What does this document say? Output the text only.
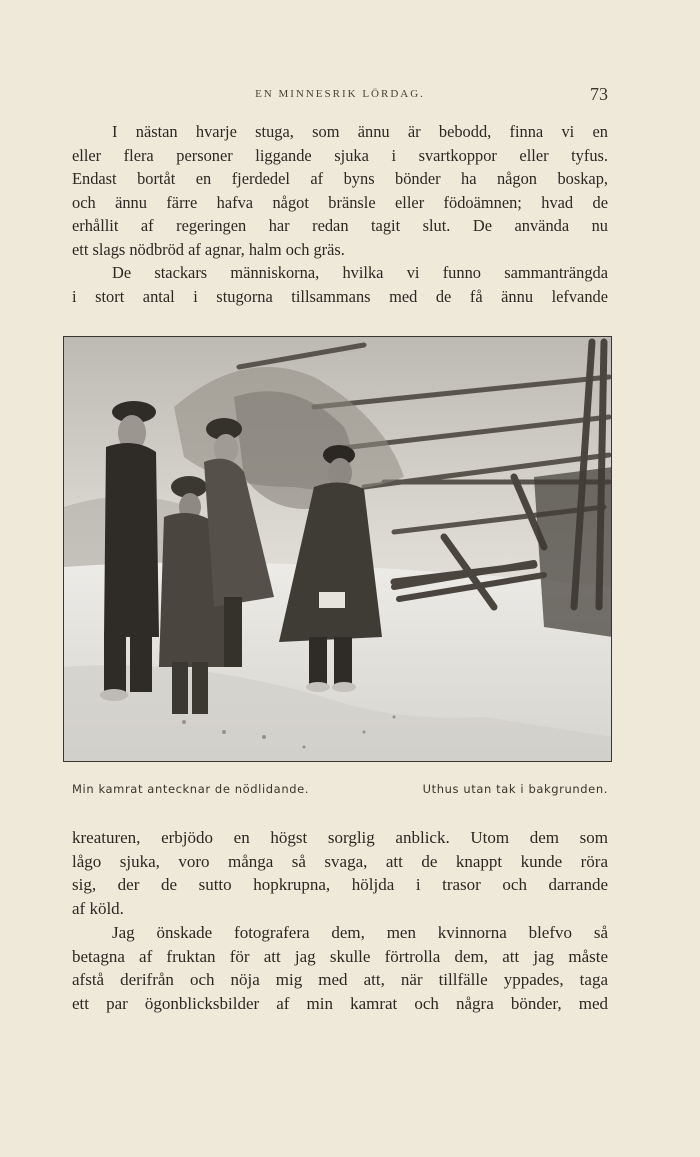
EN MINNESRIK LÖRDAG.	73
I nästan hvarje stuga, som ännu är bebodd, finna vi en
eller flera personer liggande sjuka i svartkoppor eller tyfus.
Endast bortåt en fjerdedel af byns bönder ha någon boskap,
och ännu färre hafva något bränsle eller födoämnen; hvad de
erhållit af regeringen har redan tagit slut. De använda nu
ett slags nödbröd af agnar, halm och gräs.
De stackars människorna, hvilka vi funno sammanträngda
i stort antal i stugorna tillsammans med de få ännu lefvande
Min kamrat antecknar de nödlidande.	Uthus utan tak i bakgrunden.
kreaturen, erbjödo en högst sorglig anblick. Utom dem som
lågo sjuka, voro många så svaga, att de knappt kunde röra
sig, der de sutto hopkrupna, höljda i trasor och darrande
af köld.
Jag önskade fotografera dem, men kvinnorna blefvo så
betagna af fruktan för att jag skulle förtrolla dem, att jag måste
afstå derifrån och nöja mig med att, när tillfälle yppades, taga
ett par ögonblicksbilder af min kamrat och några bönder, med
